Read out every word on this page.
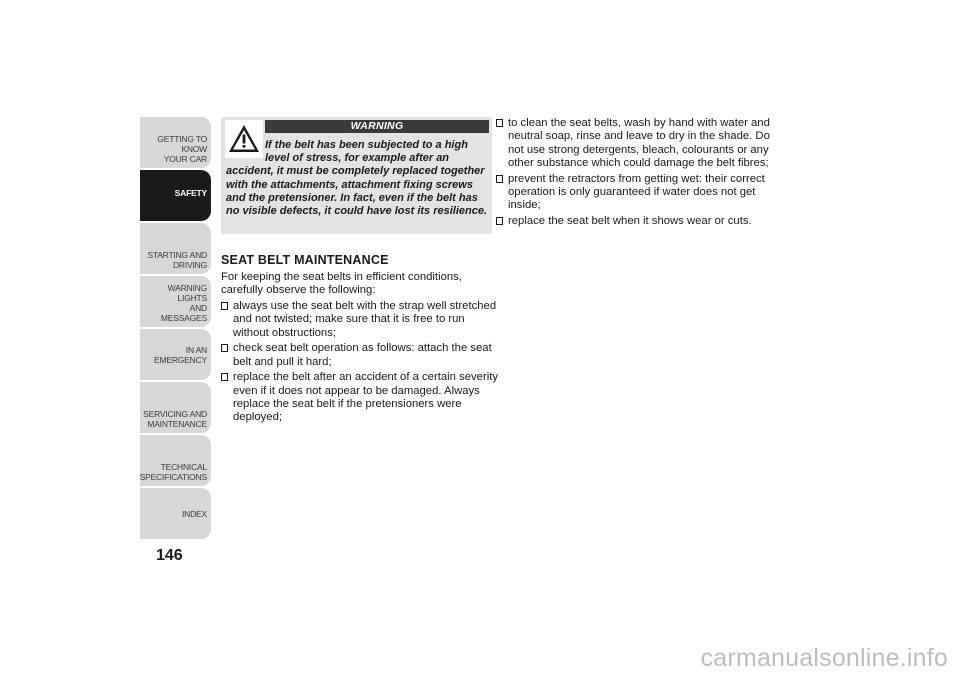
GETTING TO KNOW
YOUR CAR
SAFETY
STARTING AND
DRIVING
WARNING LIGHTS
AND MESSAGES
IN AN EMERGENCY
SERVICING AND
MAINTENANCE
TECHNICAL
SPECIFICATIONS
INDEX
146
WARNING
If the belt has been subjected to a high level of stress, for example after an
accident, it must be completely replaced together with the attachments, attachment fixing screws and the pretensioner. In fact, even if the belt has no visible defects, it could have lost its resilience.
SEAT BELT MAINTENANCE
For keeping the seat belts in efficient conditions, carefully observe the following:
always use the seat belt with the strap well stretched and not twisted; make sure that it is free to run without obstructions;
check seat belt operation as follows: attach the seat belt and pull it hard;
replace the belt after an accident of a certain severity even if it does not appear to be damaged. Always replace the seat belt if the pretensioners were deployed;
to clean the seat belts, wash by hand with water and neutral soap, rinse and leave to dry in the shade. Do not use strong detergents, bleach, colourants or any other substance which could damage the belt fibres;
prevent the retractors from getting wet: their correct operation is only guaranteed if water does not get inside;
replace the seat belt when it shows wear or cuts.
carmanualsonline.info
